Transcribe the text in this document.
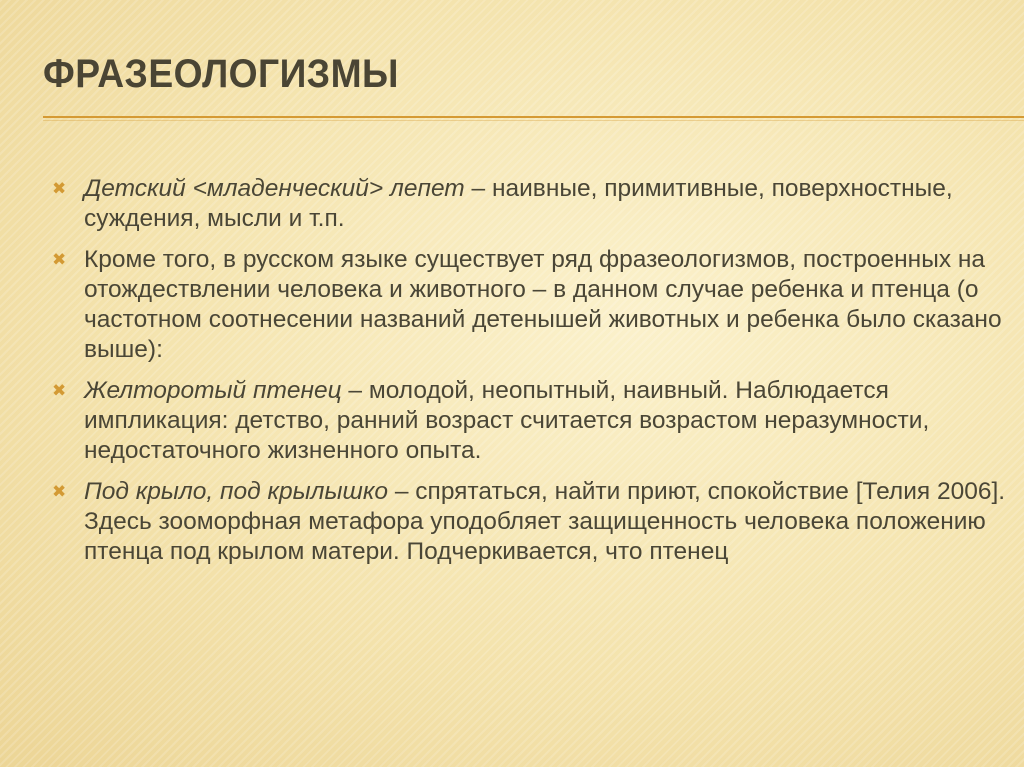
ФРАЗЕОЛОГИЗМЫ
✖ Детский <младенческий> лепет – наивные, примитивные, поверхностные, суждения, мысли и т.п.
✖ Кроме того, в русском языке существует ряд фразеологизмов, построенных на отождествлении человека и животного – в данном случае ребенка и птенца (о частотном соотнесении названий детенышей животных и ребенка было сказано выше):
✖ Желторотый птенец – молодой, неопытный, наивный. Наблюдается импликация: детство, ранний возраст считается возрастом неразумности, недостаточного жизненного опыта.
✖ Под крыло, под крылышко – спрятаться, найти приют, спокойствие [Телия 2006]. Здесь зооморфная метафора уподобляет защищенность человека положению птенца под крылом матери. Подчеркивается, что птенец
